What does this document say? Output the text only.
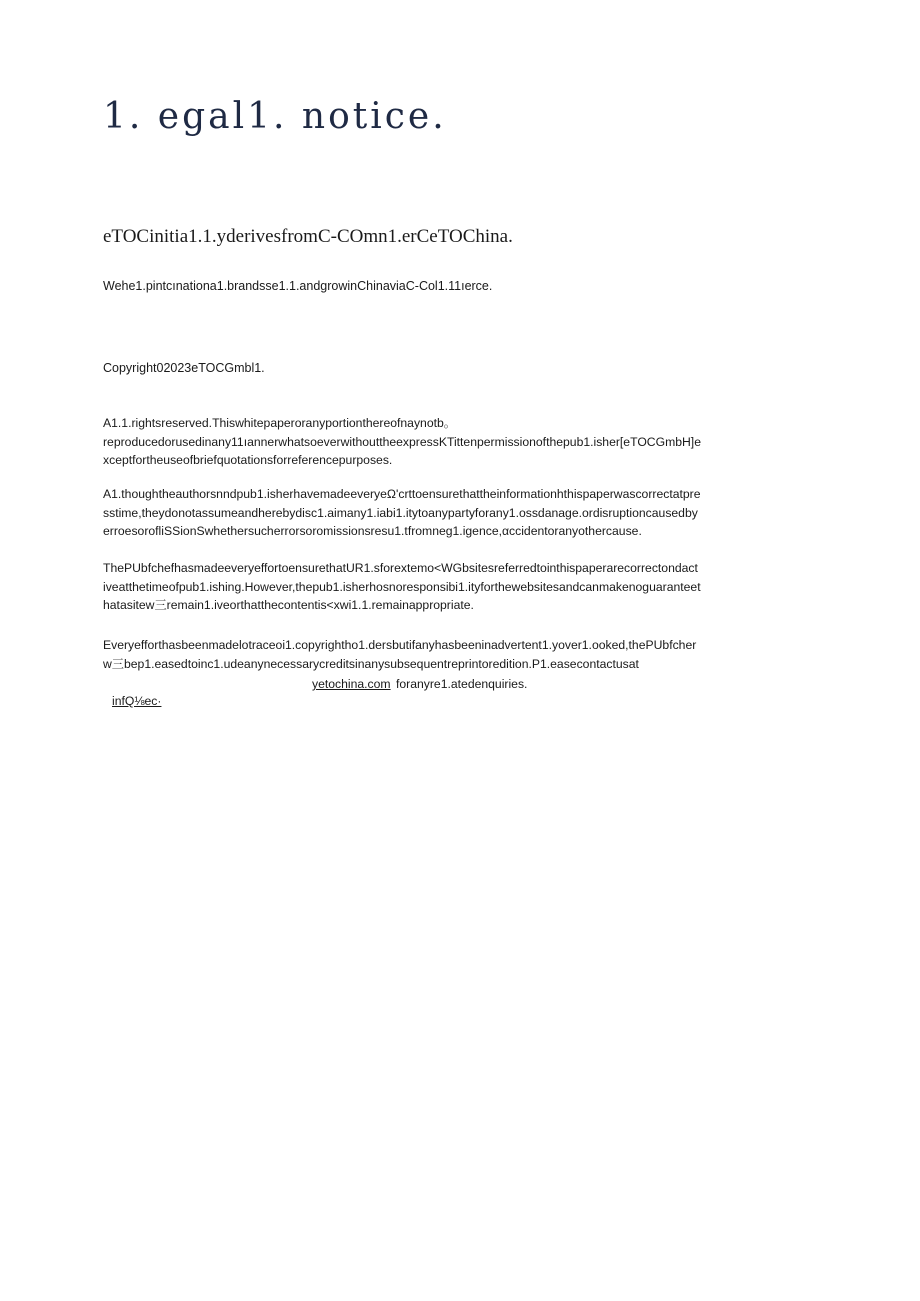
1. egal1. notice.
eTOCinitia1.1.yderivesfromC-COmn1.erCeTOChina.

Wehe1.pintcınationa1.brandsse1.1.andgrowinChinaviaC-Col1.11ıerce.

Copyright02023eTOCGmbl1.

A1.1.rightsreserved.Thiswhitepaperoranyportionthereofnaynotb。
reproducedorusedinany11ıannerwhatsoeverwithouttheexpressKTittenpermissionofthepub1.isher[eTOCGmbH]e
xceptfortheuseofbriefquotationsforreferencepurposes.

A1.thoughtheauthorsnndpub1.isherhavemadeeveryeΩ'crttoensurethattheinformationhthispaperwascorrectatpre
sstime,theydonotassumeandherebydisc1.aimany1.iabi1.itytoanypartyforany1.ossdanage.ordisruptioncausedby
erroesorofliSSionSwhethersucherrorsoromissionsresu1.tfromneg1.igence,αccidentoranyothercause.

ThePUbfchefhasmadeeveryeffortoensurethatUR1.sforextemo<WGbsitesreferredtointhispaperarecorrectondact
iveatthetimeofpub1.ishing.However,thepub1.isherhosnoresponsibi1.ityforthewebsitesandcanmakenoguaranteet
hatasitew三remain1.iveorthatthecontentis<xwi1.1.remainappropriate.

Everyefforthasbeenmadelotraceoi1.copyrightho1.dersbutifanyhasbeeninadvertent1.yover1.ooked,thePUbfcher
w三bep1.easedtoinc1.udeanynecessarycreditsinanysubsequentreprintoredition.P1.easecontactusat

yetochina.com foranyre1.atedenquiries.
infQ⅛ec·
